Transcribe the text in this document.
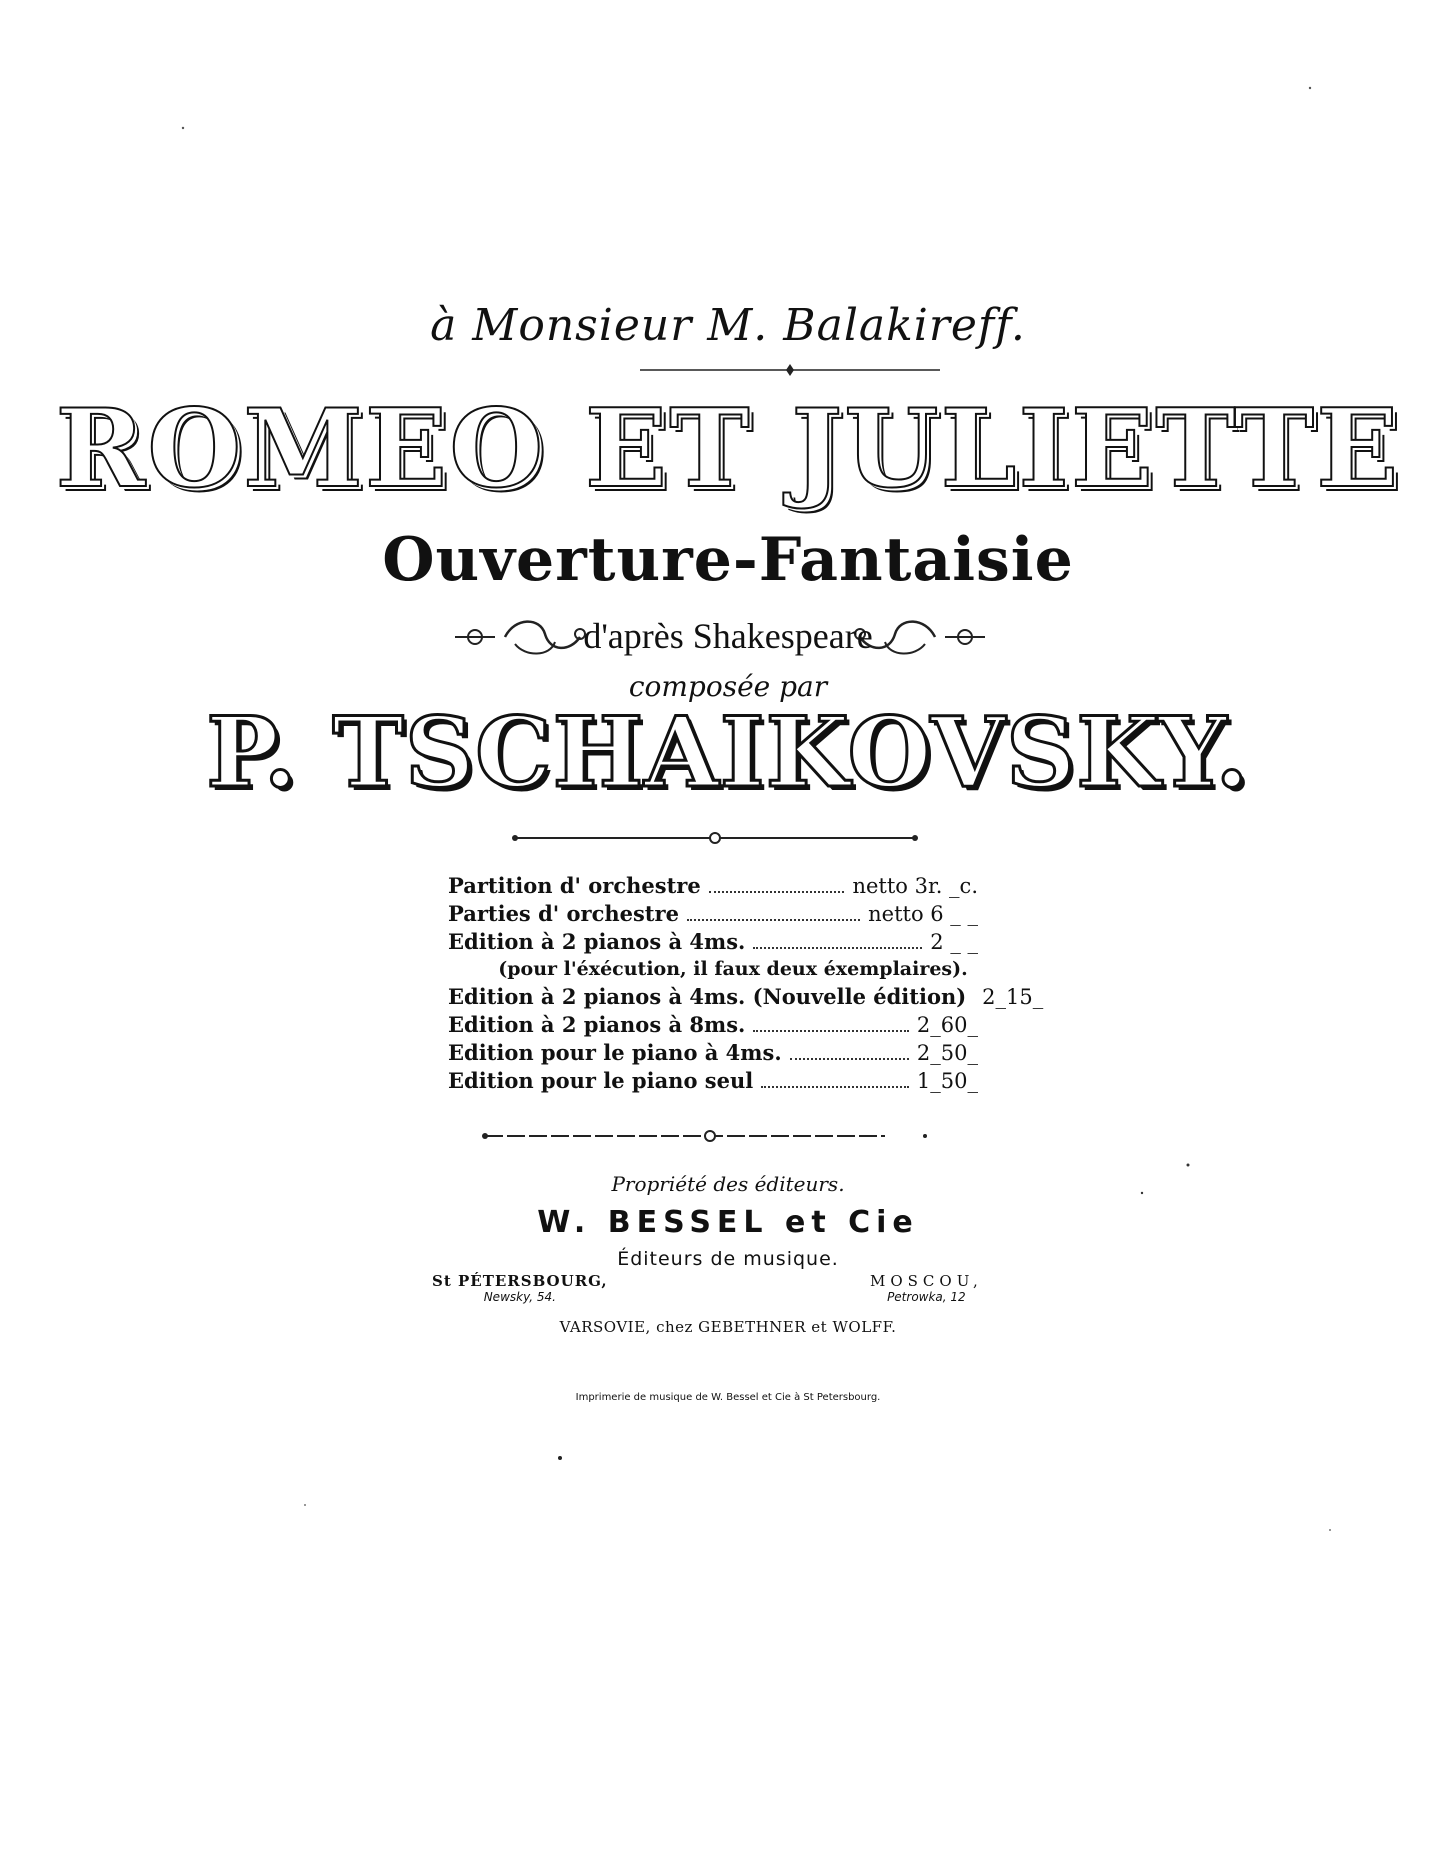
à Monsieur M. Balakireff.
ROMEO ET JULIETTE
Ouverture-Fantaisie
d'après Shakespeare
composée par
P. TSCHAIKOVSKY.
Partition d' orchestre	netto 3r. _c.
Parties d' orchestre	netto 6 _ _
Edition à 2 pianos à 4ms.	2 _ _
(pour l'éxécution, il faux deux éxemplaires).
Edition à 2 pianos à 4ms. (Nouvelle édition) 2_15_
Edition à 2 pianos à 8ms.	2_60_
Edition pour le piano à 4ms.	2_50_
Edition pour le piano seul	1_50_
Propriété des éditeurs.
W. BESSEL et Cie
Éditeurs de musique.
St PÉTERSBOURG,
Newsky, 54.
MOSCOU,
Petrowka, 12
VARSOVIE, chez GEBETHNER et WOLFF.
Imprimerie de musique de W. Bessel et Cie à St Petersbourg.
